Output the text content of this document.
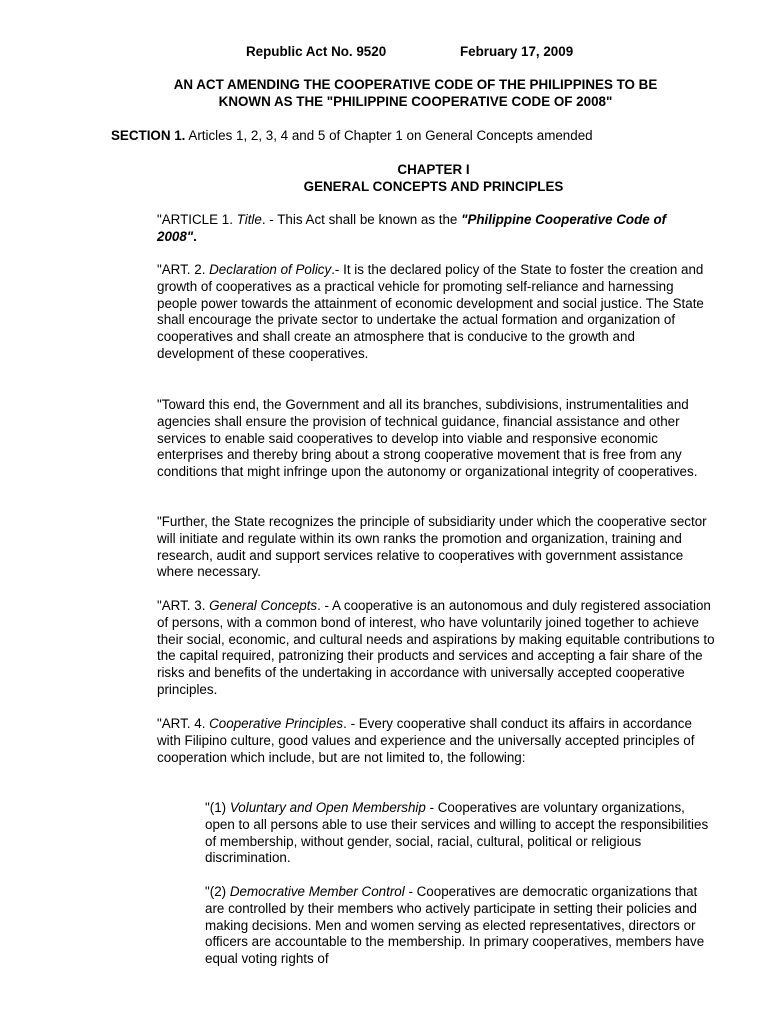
Republic Act No. 9520	February 17, 2009
AN ACT AMENDING THE COOPERATIVE CODE OF THE PHILIPPINES TO BE
KNOWN AS THE "PHILIPPINE COOPERATIVE CODE OF 2008"
SECTION 1. Articles 1, 2, 3, 4 and 5 of Chapter 1 on General Concepts amended
CHAPTER I
GENERAL CONCEPTS AND PRINCIPLES

"ARTICLE 1. Title. - This Act shall be known as the "Philippine Cooperative Code of 2008".

"ART. 2. Declaration of Policy.- It is the declared policy of the State to foster the creation and growth of cooperatives as a practical vehicle for promoting self-reliance and harnessing people power towards the attainment of economic development and social justice. The State shall encourage the private sector to undertake the actual formation and organization of cooperatives and shall create an atmosphere that is conducive to the growth and development of these cooperatives.

"Toward this end, the Government and all its branches, subdivisions, instrumentalities and agencies shall ensure the provision of technical guidance, financial assistance and other services to enable said cooperatives to develop into viable and responsive economic enterprises and thereby bring about a strong cooperative movement that is free from any conditions that might infringe upon the autonomy or organizational integrity of cooperatives.

"Further, the State recognizes the principle of subsidiarity under which the cooperative sector will initiate and regulate within its own ranks the promotion and organization, training and research, audit and support services relative to cooperatives with government assistance where necessary.

"ART. 3. General Concepts. - A cooperative is an autonomous and duly registered association of persons, with a common bond of interest, who have voluntarily joined together to achieve their social, economic, and cultural needs and aspirations by making equitable contributions to the capital required, patronizing their products and services and accepting a fair share of the risks and benefits of the undertaking in accordance with universally accepted cooperative principles.

"ART. 4. Cooperative Principles. - Every cooperative shall conduct its affairs in accordance with Filipino culture, good values and experience and the universally accepted principles of cooperation which include, but are not limited to, the following:

"(1) Voluntary and Open Membership - Cooperatives are voluntary organizations, open to all persons able to use their services and willing to accept the responsibilities of membership, without gender, social, racial, cultural, political or religious discrimination.

"(2) Democrative Member Control - Cooperatives are democratic organizations that are controlled by their members who actively participate in setting their policies and making decisions. Men and women serving as elected representatives, directors or officers are accountable to the membership. In primary cooperatives, members have equal voting rights of
